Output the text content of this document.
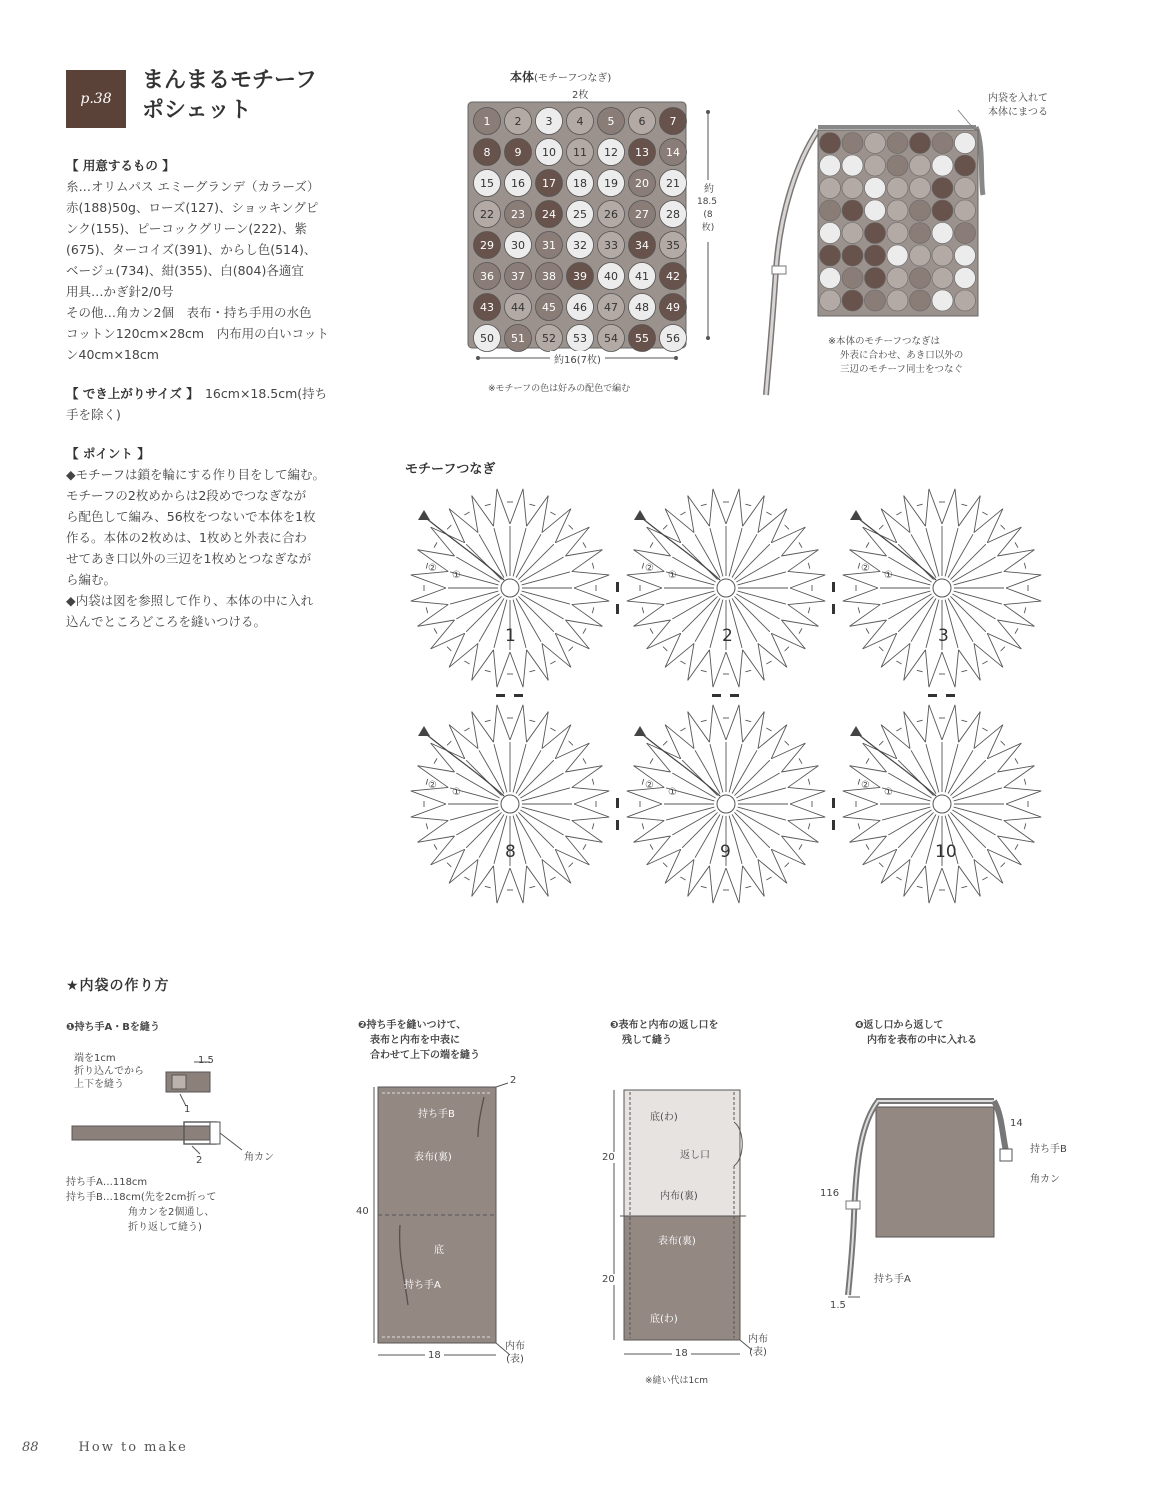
p.38
まんまるモチーフ
ポシェット

【 用意するもの 】

糸…オリムパス エミーグランデ（カラーズ）

赤(188)50g、ローズ(127)、ショッキングピ

ンク(155)、ピーコックグリーン(222)、紫

(675)、ターコイズ(391)、からし色(514)、

ベージュ(734)、紺(355)、白(804)各適宜

用具…かぎ針2/0号

その他…角カン2個　表布・持ち手用の水色

コットン120cm×28cm　内布用の白いコット

ン40cm×18cm

【 でき上がりサイズ 】　 16cm×18.5cm(持ち

手を除く)

【 ポイント 】

◆モチーフは鎖を輪にする作り目をして編む。

モチーフの2枚めからは2段めでつなぎなが

ら配色して編み、56枚をつないで本体を1枚

作る。本体の2枚めは、1枚めと外表に合わ

せてあき口以外の三辺を1枚めとつなぎなが

ら編む。

◆内袋は図を参照して作り、本体の中に入れ

込んでところどころを縫いつける。

本体(モチーフつなぎ)
2枚
1 2 3 4 5 6 7
8 9 10 11 12 13 14
15 16 17 18 19 20 21
22 23 24 25 26 27 28
29 30 31 32 33 34 35
36 37 38 39 40 41 42
43 44 45 46 47 48 49
50 51 52 53 54 55 56
約
18.5
(8枚)
約16(7枚)
※モチーフの色は好みの配色で編む
内袋を入れて
本体にまつる
※本体のモチーフつなぎは
外表に合わせ、あき口以外の
三辺のモチーフ同士をつなぐ
モチーフつなぎ
1	2	3
8	9	10
②
①
②
①
②
①
②
①
②
①
②
①
★内袋の作り方
❶持ち手A・Bを縫う
端を1cm
折り込んでから
上下を縫う
1.5
1
2	角カン
持ち手A…118cm
持ち手B…18cm(先を2cm折って
角カンを2個通し、
折り返して縫う)
❷持ち手を縫いつけて、
表布と内布を中表に
合わせて上下の端を縫う
2
持ち手B
表布(裏)
40
底
持ち手A
18
内布
(表)
❸表布と内布の返し口を
残して縫う
底(わ)
返し口
内布(裏)
表布(裏)
20
20
底(わ)
18
内布
(表)
※縫い代は1cm
❹返し口から返して
内布を表布の中に入れる
14
持ち手B
角カン
116
持ち手A
1.5
88	How to make
